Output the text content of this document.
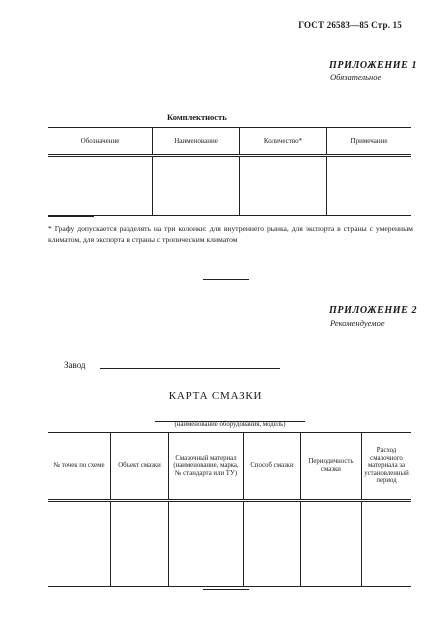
ГОСТ 26583—85 Стр. 15
ПРИЛОЖЕНИЕ 1
Обязательное
Комплектность
Обозначение	Наименование	Количество*	Примечание

* Графу допускается разделять на три колонки: для внутреннего рынка, для экспорта в страны с умеренным климатом, для экспорта в страны с тропическим климатом
ПРИЛОЖЕНИЕ 2
Рекомендуемое
Завод
КАРТА СМАЗКИ
(наименование оборудования, модель)
№ точек по схеме	Объект смазки	Смазочный материал (наименование, марка, № стандарта или ТУ)	Способ смазки	Периодичность смазки	Расход смазочного материала за установленный период
